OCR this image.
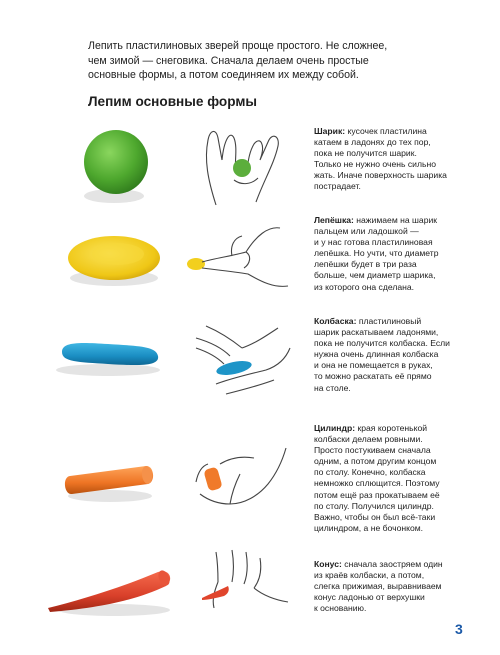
Лепить пластилиновых зверей проще простого. Не сложнее,
чем зимой — снеговика. Сначала делаем очень простые
основные формы, а потом соединяем их между собой.
Лепим основные формы
Шарик: кусочек пластилина
катаем в ладонях до тех пор,
пока не получится шарик.
Только не нужно очень сильно
жать. Иначе поверхность шарика
пострадает.
Лепёшка: нажимаем на шарик
пальцем или ладошкой —
и у нас готова пластилиновая
лепёшка. Но учти, что диаметр
лепёшки будет в три раза
больше, чем диаметр шарика,
из которого она сделана.
Колбаска: пластилиновый
шарик раскатываем ладонями,
пока не получится колбаска. Если
нужна очень длинная колбаска
и она не помещается в руках,
то можно раскатать её прямо
на столе.
Цилиндр: края коротенькой
колбаски делаем ровными.
Просто постукиваем сначала
одним, а потом другим концом
по столу. Конечно, колбаска
немножко сплющится. Поэтому
потом ещё раз прокатываем её
по столу. Получился цилиндр.
Важно, чтобы он был всё-таки
цилиндром, а не бочонком.
Конус: сначала заостряем один
из краёв колбаски, а потом,
слегка прижимая, выравниваем
конус ладонью от верхушки
к основанию.
3
